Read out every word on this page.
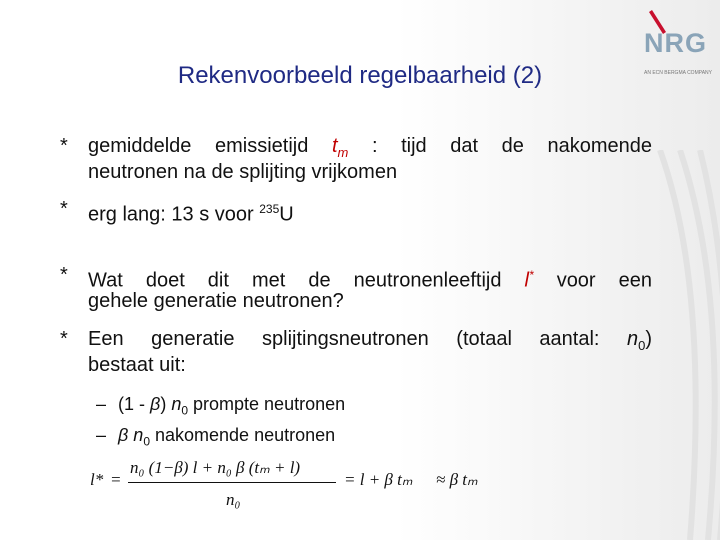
Rekenvoorbeeld regelbaarheid (2)
NRG
AN ECN BERGMA COMPANY
* gemiddelde emissietijd $t_m$ : tijd dat de nakomende
neutronen na de splijting vrijkomen
* erg lang: 13 s voor $^{235}$U
* Wat doet dit met de neutronenleeftijd l* voor een
gehele generatie neutronen?
* Een generatie splijtingsneutronen (totaal aantal: $n_0$)
bestaat uit:
– (1 - β) $n_0$ prompte neutronen
– β $n_0$ nakomende neutronen
l* =
n₀ (1−β) l + n₀ β (tₘ + l)
n₀
= l + β tₘ ≈ β tₘ
